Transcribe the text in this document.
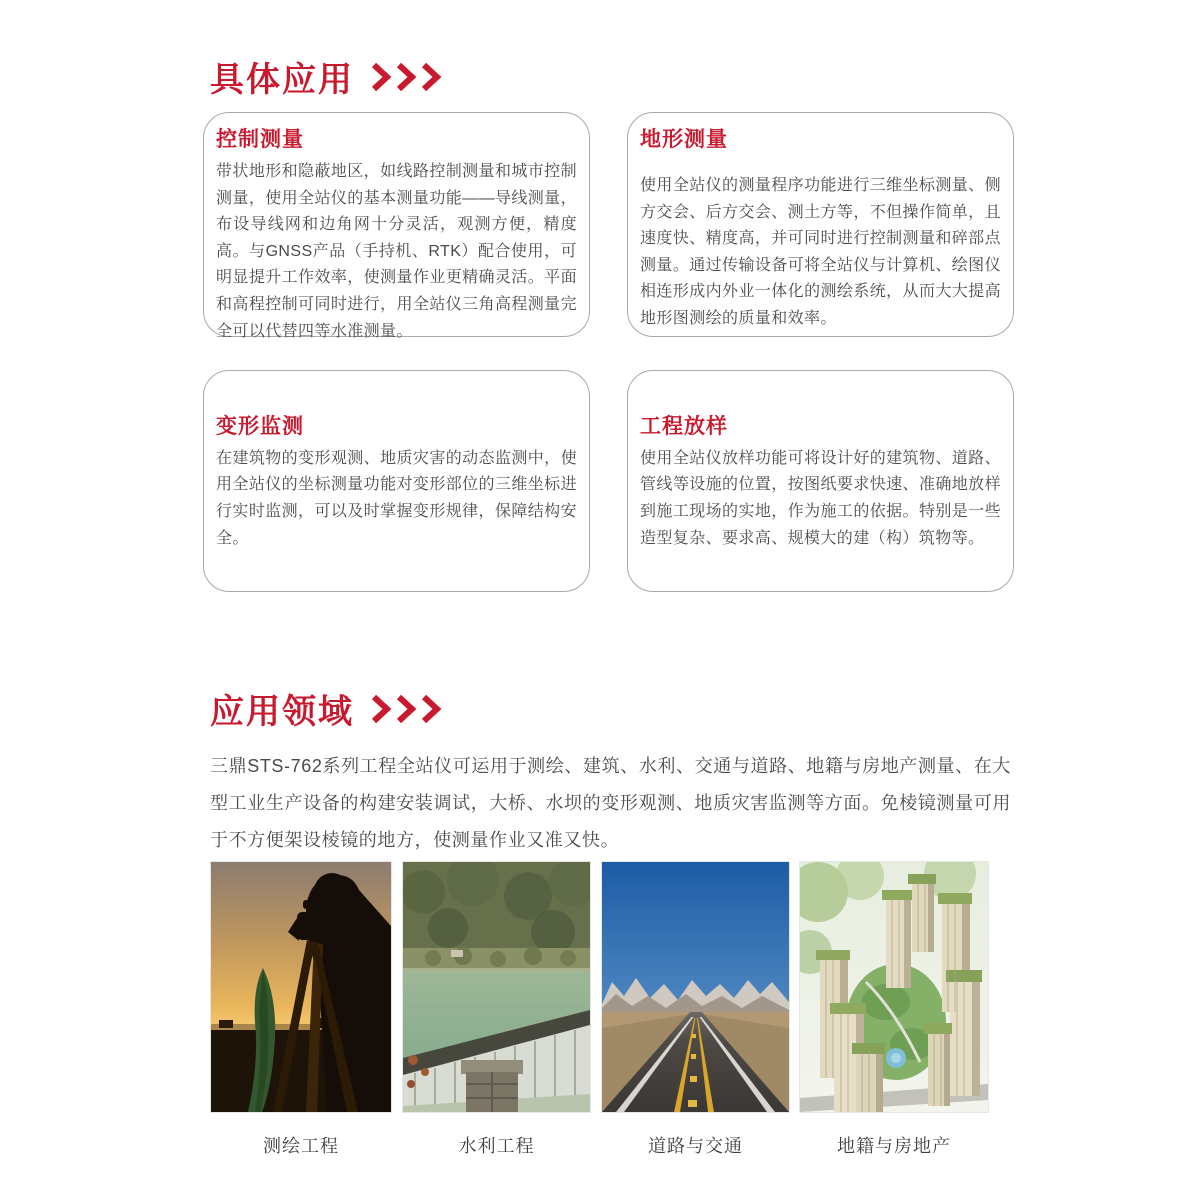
具体应用
控制测量
带状地形和隐蔽地区，如线路控制测量和城市控制测量，使用全站仪的基本测量功能——导线测量，布设导线网和边角网十分灵活，观测方便，精度高。与GNSS产品（手持机、RTK）配合使用，可明显提升工作效率，使测量作业更精确灵活。平面和高程控制可同时进行，用全站仪三角高程测量完全可以代替四等水准测量。
地形测量
使用全站仪的测量程序功能进行三维坐标测量、侧方交会、后方交会、测土方等，不但操作简单，且速度快、精度高，并可同时进行控制测量和碎部点测量。通过传输设备可将全站仪与计算机、绘图仪相连形成内外业一体化的测绘系统，从而大大提高地形图测绘的质量和效率。
变形监测
在建筑物的变形观测、地质灾害的动态监测中，使用全站仪的坐标测量功能对变形部位的三维坐标进行实时监测，可以及时掌握变形规律，保障结构安全。
工程放样
使用全站仪放样功能可将设计好的建筑物、道路、管线等设施的位置，按图纸要求快速、准确地放样到施工现场的实地，作为施工的依据。特别是一些造型复杂、要求高、规模大的建（构）筑物等。
应用领域

三鼎STS-762系列工程全站仪可运用于测绘、建筑、水利、交通与道路、地籍与房地产测量、在大型工业生产设备的构建安装调试，大桥、水坝的变形观测、地质灾害监测等方面。免棱镜测量可用于不方便架设棱镜的地方，使测量作业又准又快。

测绘工程	水利工程	道路与交通	地籍与房地产
